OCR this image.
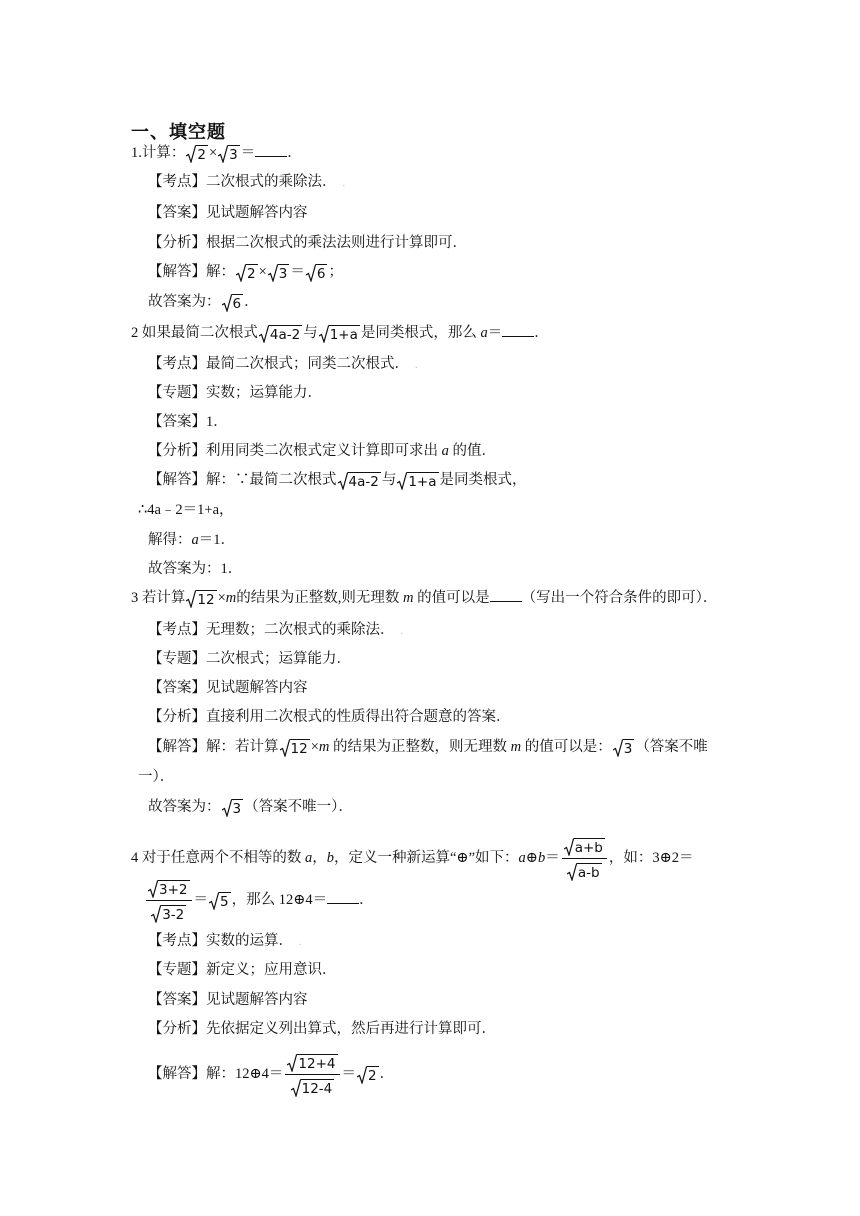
一、填空题
1.计算： 2 × 3 ＝ ．
【考点】二次根式的乘除法． .
【答案】见试题解答内容
【分析】根据二次根式的乘法法则进行计算即可．
【解答】解： 2 × 3 ＝ 6 ；
故答案为： 6 ．
2 如果最简二次根式 4a-2 与 1+a 是同类根式，那么 a＝ ．
【考点】最简二次根式；同类二次根式． .
【专题】实数；运算能力．
【答案】1．
【分析】利用同类二次根式定义计算即可求出 a 的值．
【解答】解：∵最简二次根式 4a-2 与 1+a 是同类根式，
∴4a﹣2＝1+a，
解得：a＝1．
故答案为：1．
3 若计算 12 ×m的结果为正整数,则无理数 m 的值可以是 （写出一个符合条件的即可）．
【考点】无理数；二次根式的乘除法． .
【专题】二次根式；运算能力．
【答案】见试题解答内容
【分析】直接利用二次根式的性质得出符合题意的答案．
【解答】解：若计算 12 ×m 的结果为正整数，则无理数 m 的值可以是： 3 （答案不唯
一）．
故答案为： 3 （答案不唯一）．
4 对于任意两个不相等的数 a，b，定义一种新运算“⊕”如下：a⊕b＝ $\frac{a+b}{a-b}$ ，如：3⊕2＝
$\frac{3+2}{3-2} = 5$ ，那么 12⊕4＝ ．
【考点】实数的运算． .
【专题】新定义；应用意识．
【答案】见试题解答内容
【分析】先依据定义列出算式，然后再进行计算即可．
【解答】解：12⊕4＝ $\frac{12+4}{12-4} = 2$ ．
